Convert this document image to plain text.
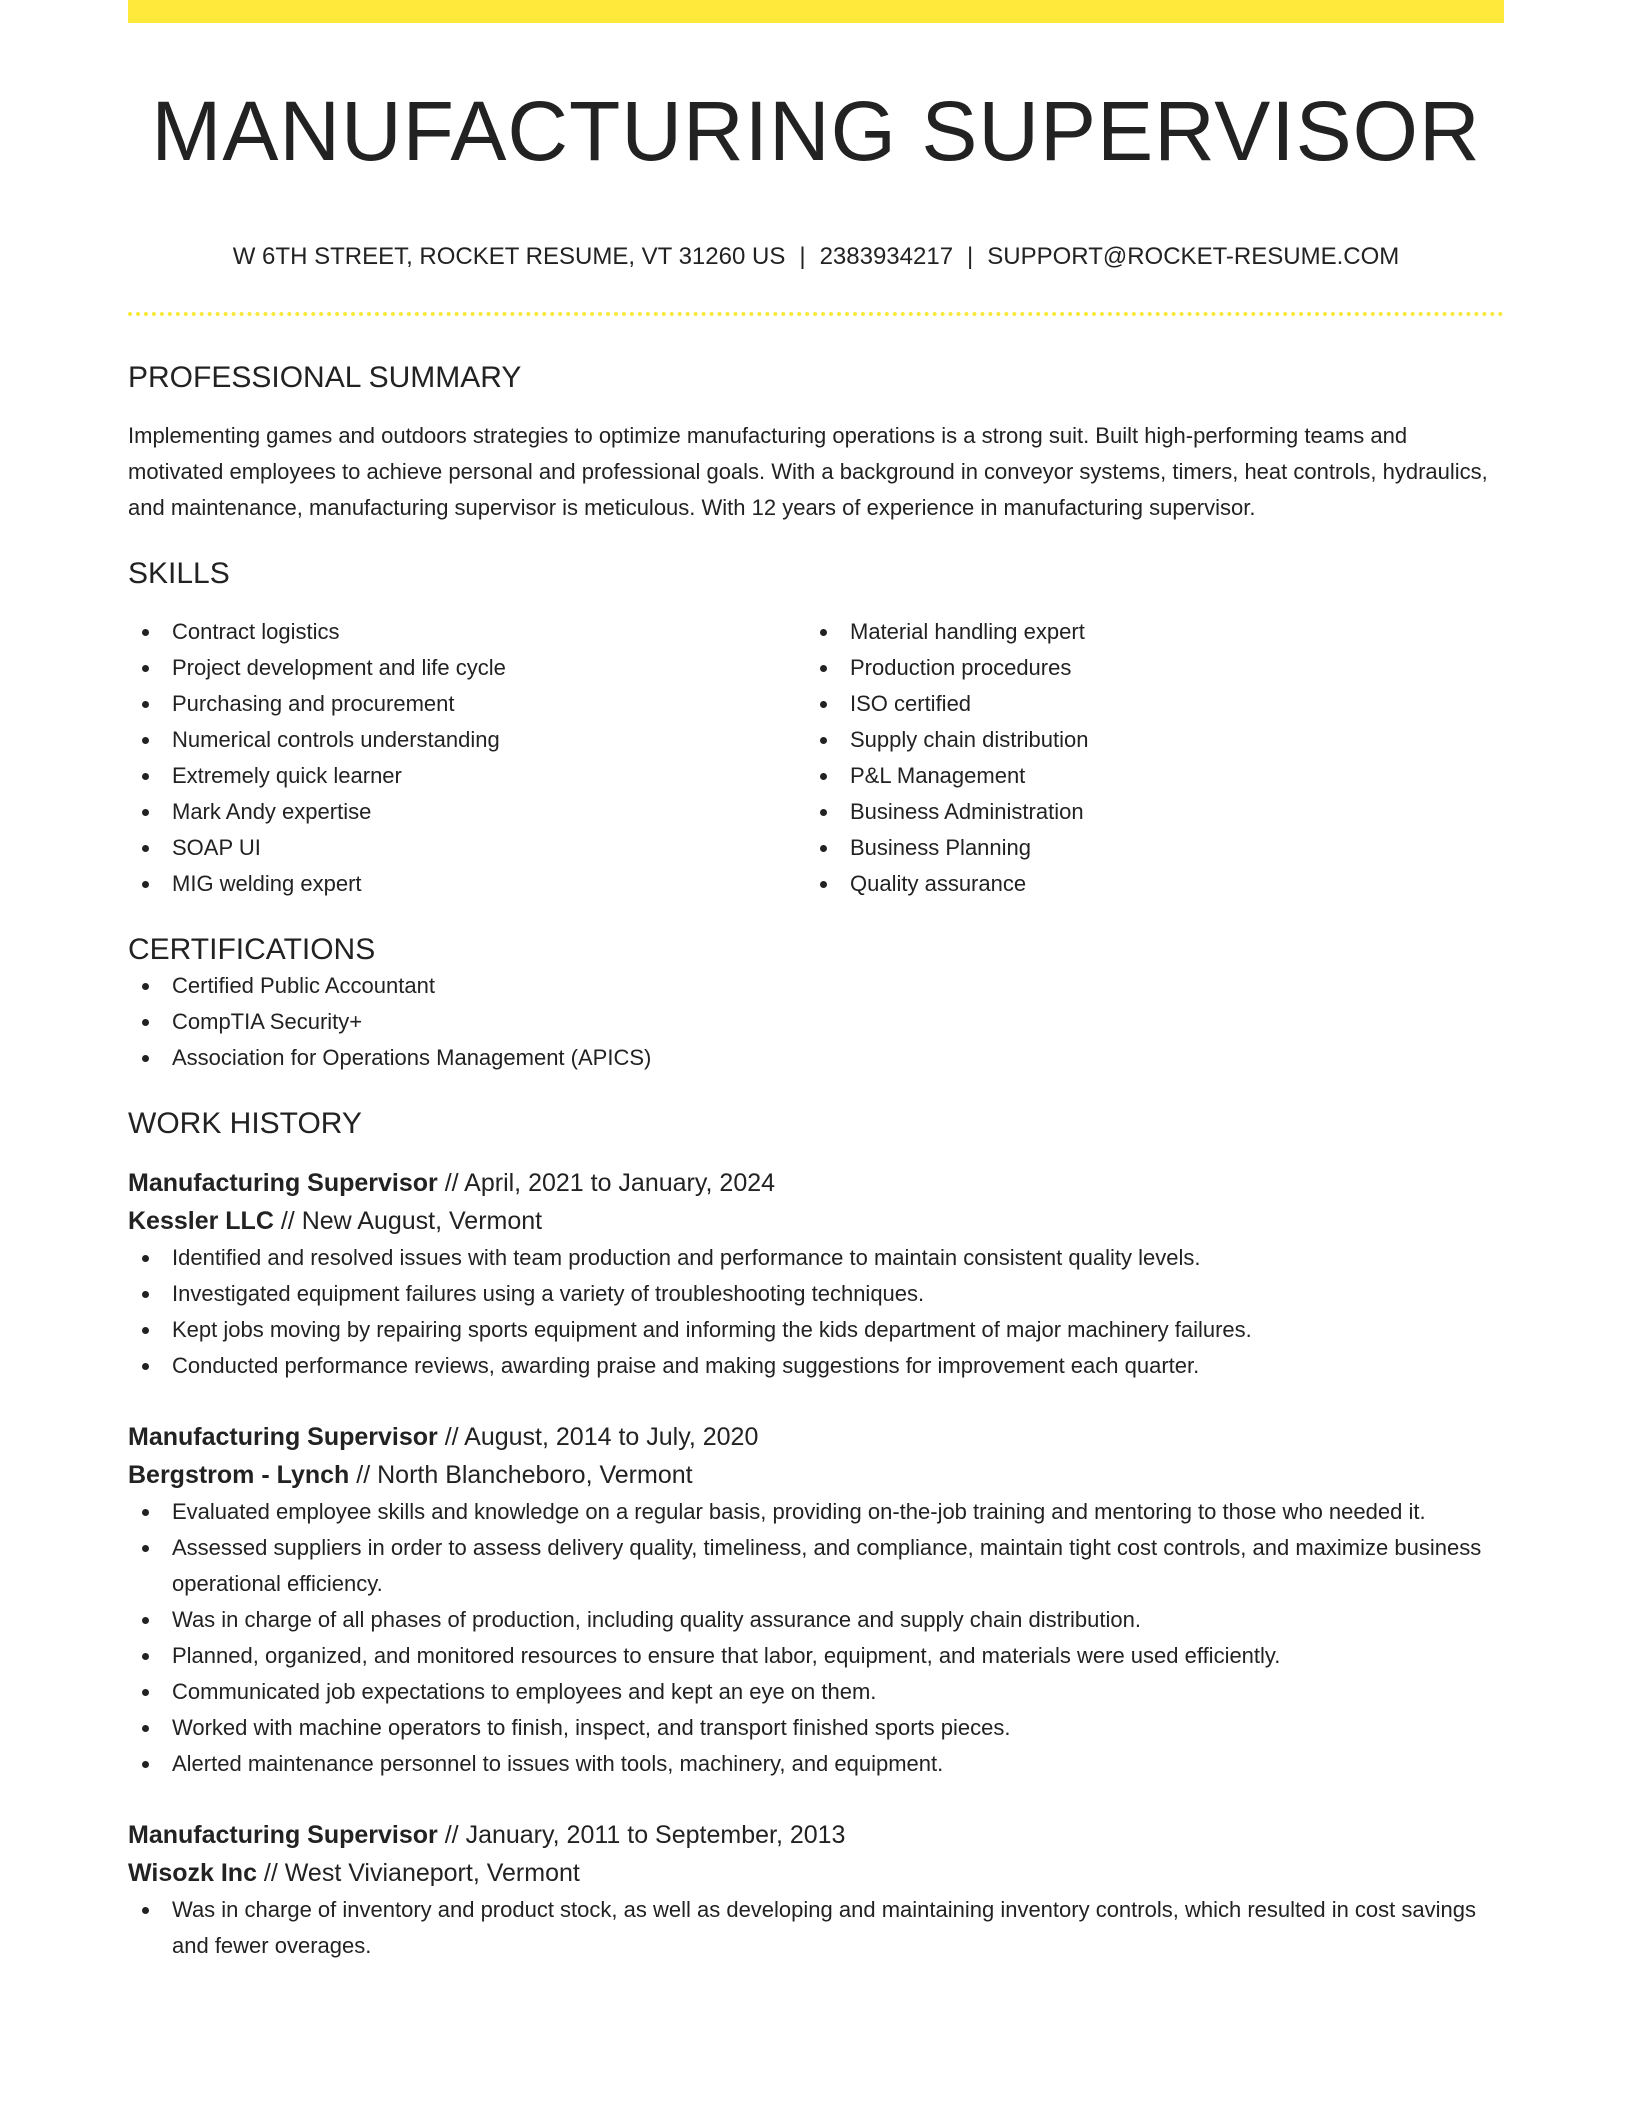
MANUFACTURING SUPERVISOR
W 6TH STREET, ROCKET RESUME, VT 31260 US | 2383934217 | SUPPORT@ROCKET-RESUME.COM
PROFESSIONAL SUMMARY

Implementing games and outdoors strategies to optimize manufacturing operations is a strong suit. Built high-performing teams and motivated employees to achieve personal and professional goals. With a background in conveyor systems, timers, heat controls, hydraulics, and maintenance, manufacturing supervisor is meticulous. With 12 years of experience in manufacturing supervisor.

SKILLS
Contract logistics
Project development and life cycle
Purchasing and procurement
Numerical controls understanding
Extremely quick learner
Mark Andy expertise
SOAP UI
MIG welding expert
Material handling expert
Production procedures
ISO certified
Supply chain distribution
P&L Management
Business Administration
Business Planning
Quality assurance
CERTIFICATIONS
Certified Public Accountant
CompTIA Security+
Association for Operations Management (APICS)
WORK HISTORY
Manufacturing Supervisor // April, 2021 to January, 2024
Kessler LLC // New August, Vermont
Identified and resolved issues with team production and performance to maintain consistent quality levels.
Investigated equipment failures using a variety of troubleshooting techniques.
Kept jobs moving by repairing sports equipment and informing the kids department of major machinery failures.
Conducted performance reviews, awarding praise and making suggestions for improvement each quarter.
Manufacturing Supervisor // August, 2014 to July, 2020
Bergstrom - Lynch // North Blancheboro, Vermont
Evaluated employee skills and knowledge on a regular basis, providing on-the-job training and mentoring to those who needed it.
Assessed suppliers in order to assess delivery quality, timeliness, and compliance, maintain tight cost controls, and maximize business operational efficiency.
Was in charge of all phases of production, including quality assurance and supply chain distribution.
Planned, organized, and monitored resources to ensure that labor, equipment, and materials were used efficiently.
Communicated job expectations to employees and kept an eye on them.
Worked with machine operators to finish, inspect, and transport finished sports pieces.
Alerted maintenance personnel to issues with tools, machinery, and equipment.
Manufacturing Supervisor // January, 2011 to September, 2013
Wisozk Inc // West Vivianeport, Vermont
Was in charge of inventory and product stock, as well as developing and maintaining inventory controls, which resulted in cost savings and fewer overages.
